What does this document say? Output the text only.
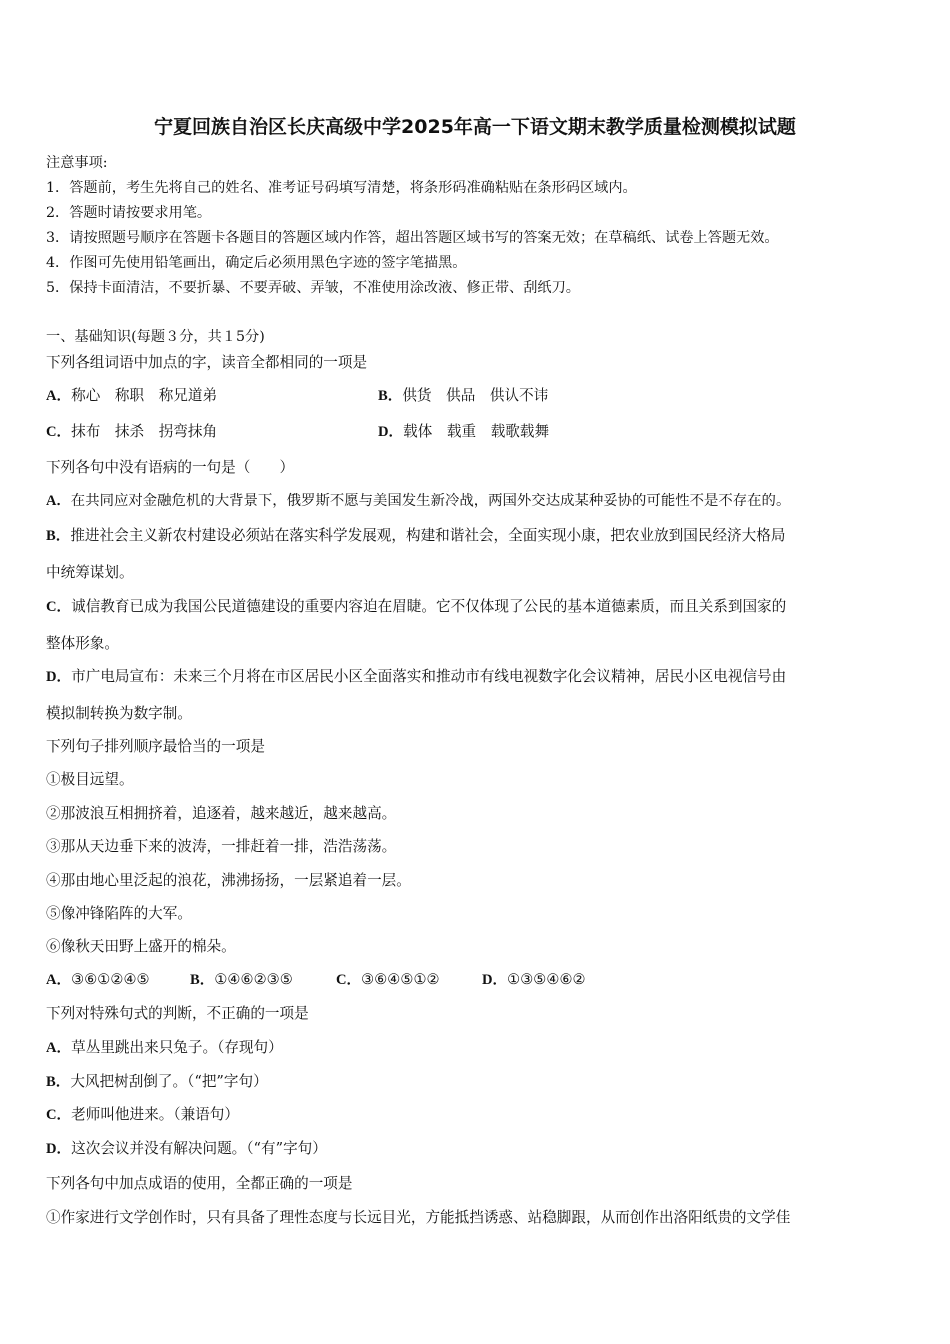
宁夏回族自治区长庆高级中学2025年高一下语文期末教学质量检测模拟试题
注意事项:
1．答题前，考生先将自己的姓名、准考证号码填写清楚，将条形码准确粘贴在条形码区域内。
2．答题时请按要求用笔。
3．请按照题号顺序在答题卡各题目的答题区域内作答，超出答题区域书写的答案无效；在草稿纸、试卷上答题无效。
4．作图可先使用铅笔画出，确定后必须用黑色字迹的签字笔描黑。
5．保持卡面清洁，不要折暴、不要弄破、弄皱，不准使用涂改液、修正带、刮纸刀。
一、基础知识(每题３分，共１5分)
下列各组词语中加点的字，读音全都相同的一项是
A．称心　称职　称兄道弟	B．供货　供品　供认不讳
C．抹布　抹杀　拐弯抹角	D．载体　载重　载歌载舞
下列各句中没有语病的一句是（　　）
A．在共同应对金融危机的大背景下，俄罗斯不愿与美国发生新冷战，两国外交达成某种妥协的可能性不是不存在的。
B．推进社会主义新农村建设必须站在落实科学发展观，构建和谐社会，全面实现小康，把农业放到国民经济大格局
中统筹谋划。
C．诚信教育已成为我国公民道德建设的重要内容迫在眉睫。它不仅体现了公民的基本道德素质，而且关系到国家的
整体形象。
D．市广电局宣布：未来三个月将在市区居民小区全面落实和推动市有线电视数字化会议精神，居民小区电视信号由
模拟制转换为数字制。
下列句子排列顺序最恰当的一项是
①极目远望。
②那波浪互相拥挤着，追逐着，越来越近，越来越高。
③那从天边垂下来的波涛，一排赶着一排，浩浩荡荡。
④那由地心里泛起的浪花，沸沸扬扬，一层紧追着一层。
⑤像冲锋陷阵的大军。
⑥像秋天田野上盛开的棉朵。
A．③⑥①②④⑤	B．①④⑥②③⑤	C．③⑥④⑤①②	D．①③⑤④⑥②
下列对特殊句式的判断，不正确的一项是
A．草丛里跳出来只兔子。（存现句）
B．大风把树刮倒了。（“把”字句）
C．老师叫他进来。（兼语句）
D．这次会议并没有解决问题。（“有”字句）
下列各句中加点成语的使用，全都正确的一项是
①作家进行文学创作时，只有具备了理性态度与长远目光，方能抵挡诱惑、站稳脚跟，从而创作出洛阳纸贵的文学佳
